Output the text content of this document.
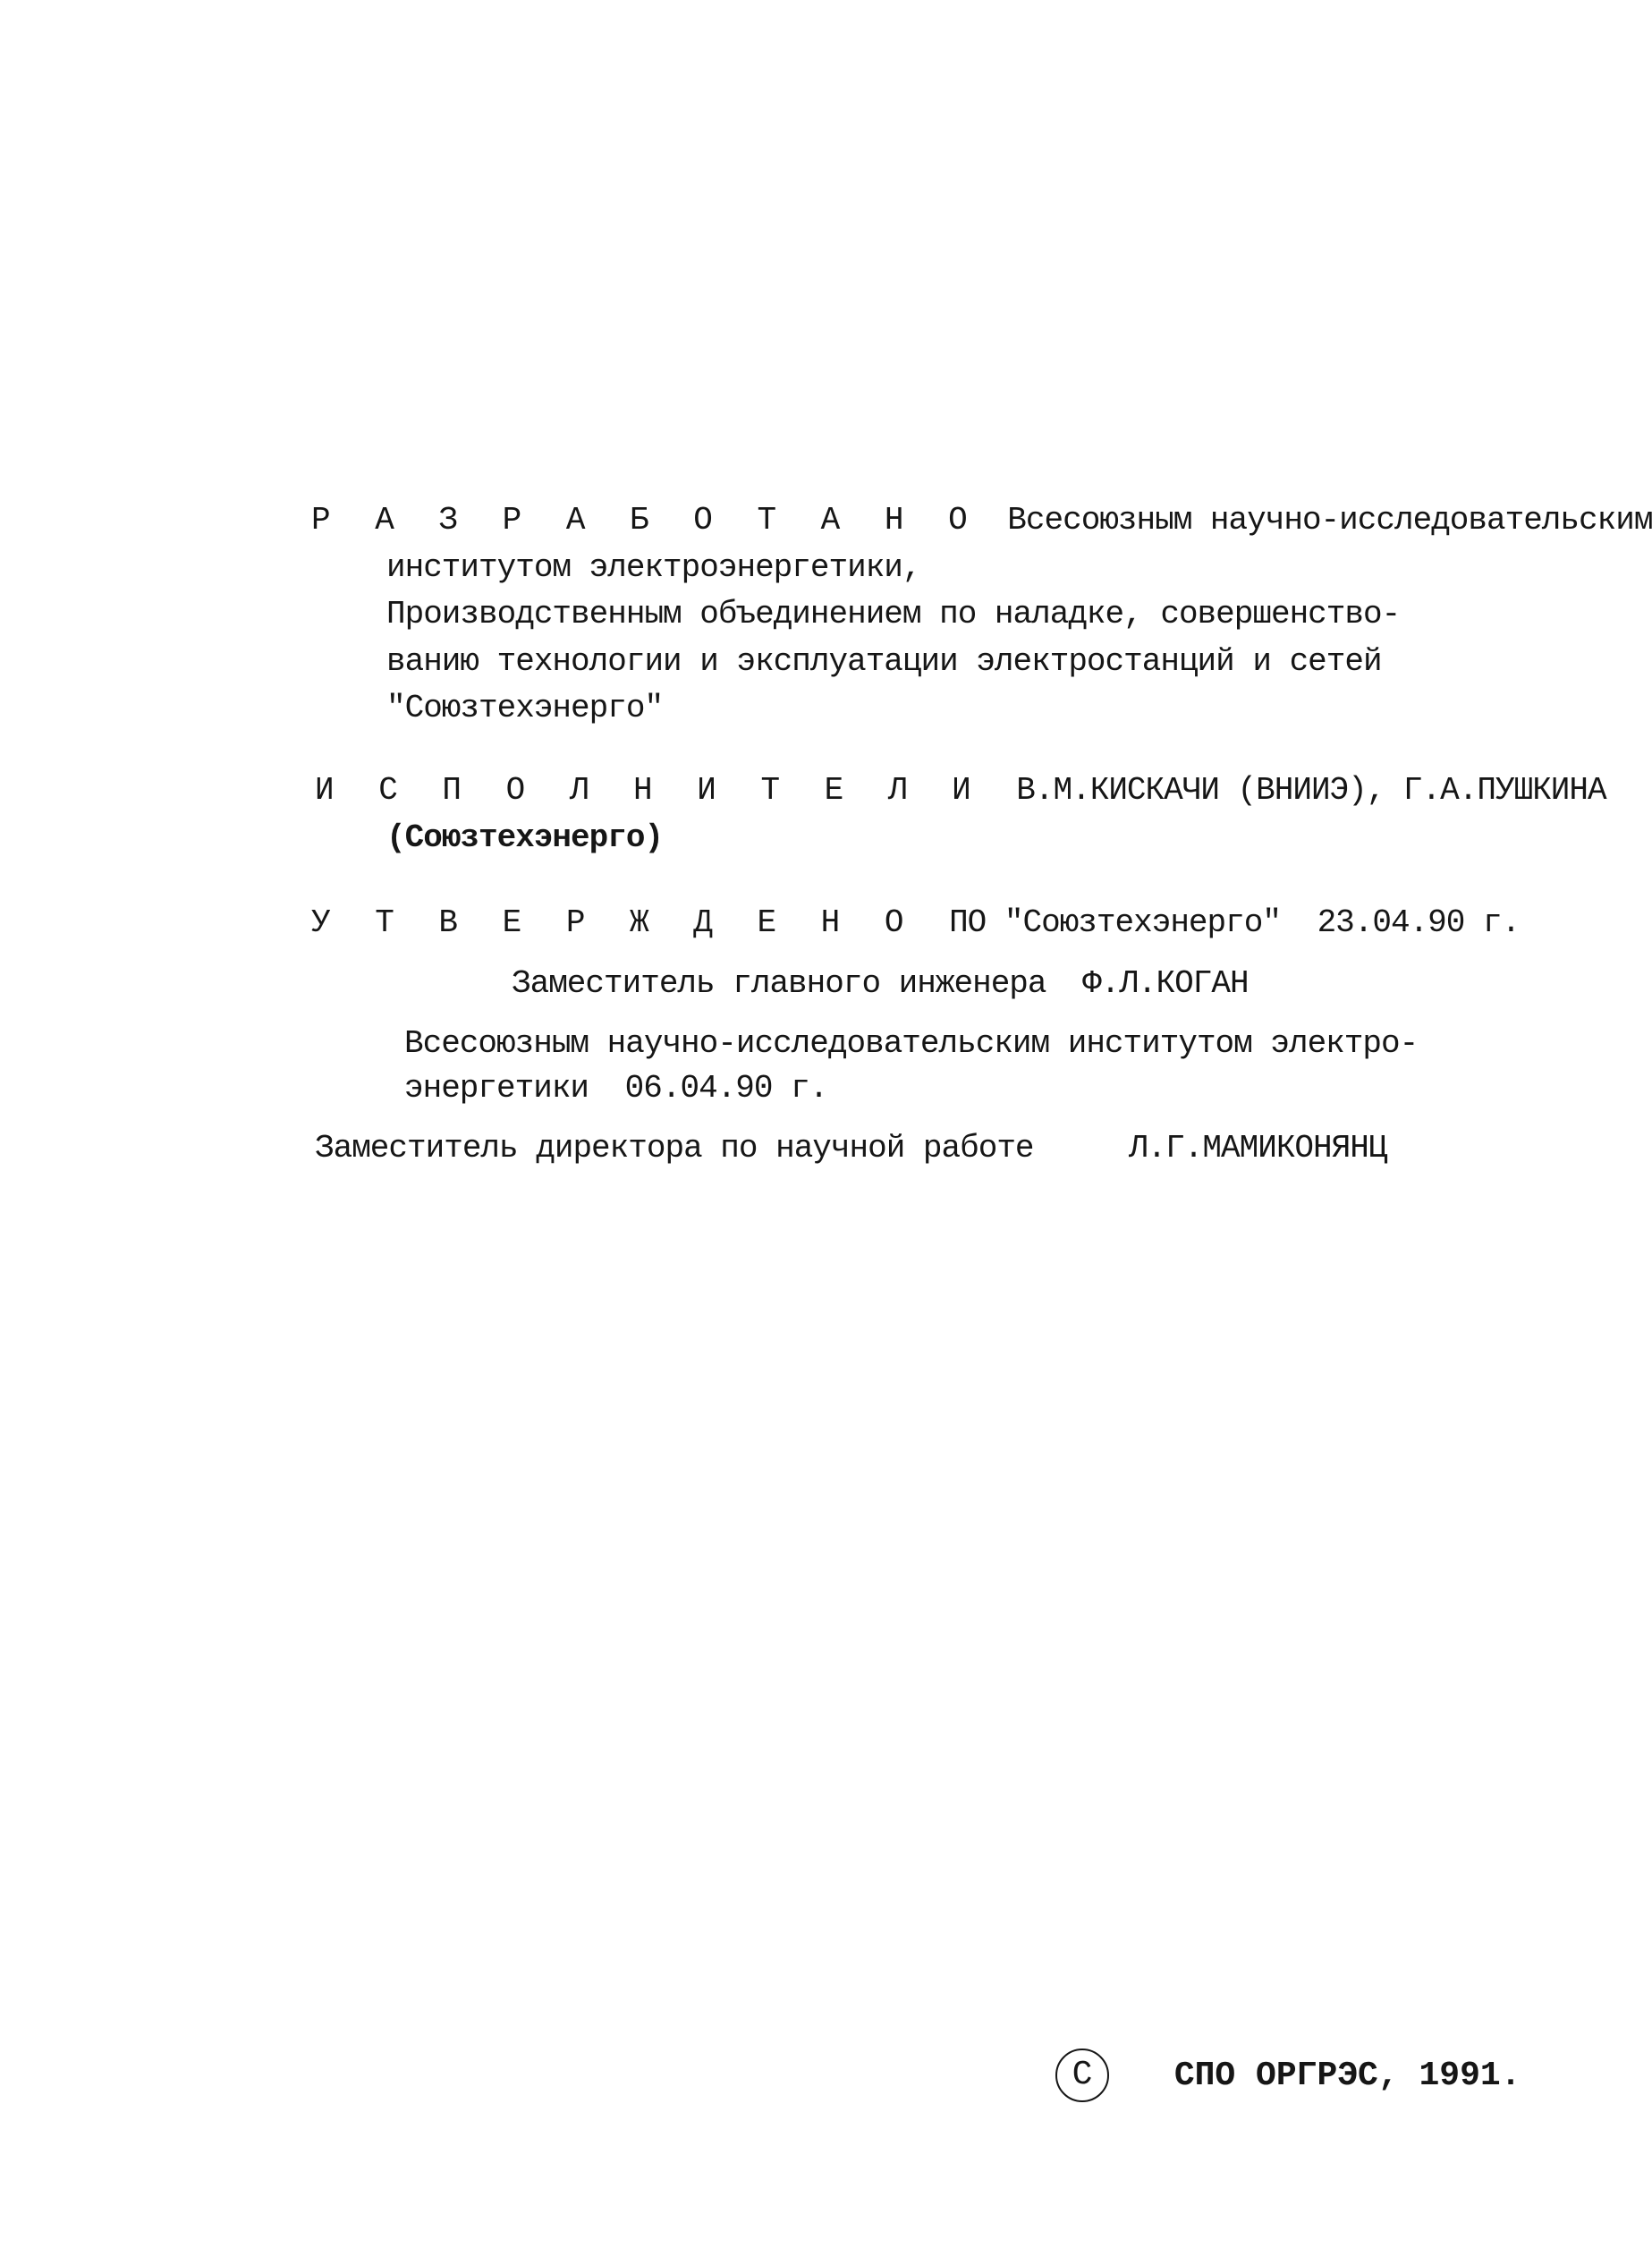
Р А З Р А Б О Т А Н О Всесоюзным научно-исследовательским
институтом электроэнергетики,
Производственным объединением по наладке, совершенство-
ванию технологии и эксплуатации электростанций и сетей
"Союзтехэнерго"
И С П О Л Н И Т Е Л И В.М.КИСКАЧИ (ВНИИЭ), Г.А.ПУШКИНА
(Союзтехэнерго)
У Т В Е Р Ж Д Е Н О ПО "Союзтехэнерго" 23.04.90 г.
Заместитель главного инженера Ф.Л.КОГАН
Всесоюзным научно-исследовательским институтом электро-
энергетики 06.04.90 г.
Заместитель директора по научной работе	Л.Г.МАМИКОНЯНЦ
С СПО ОРГРЭС, 1991.
